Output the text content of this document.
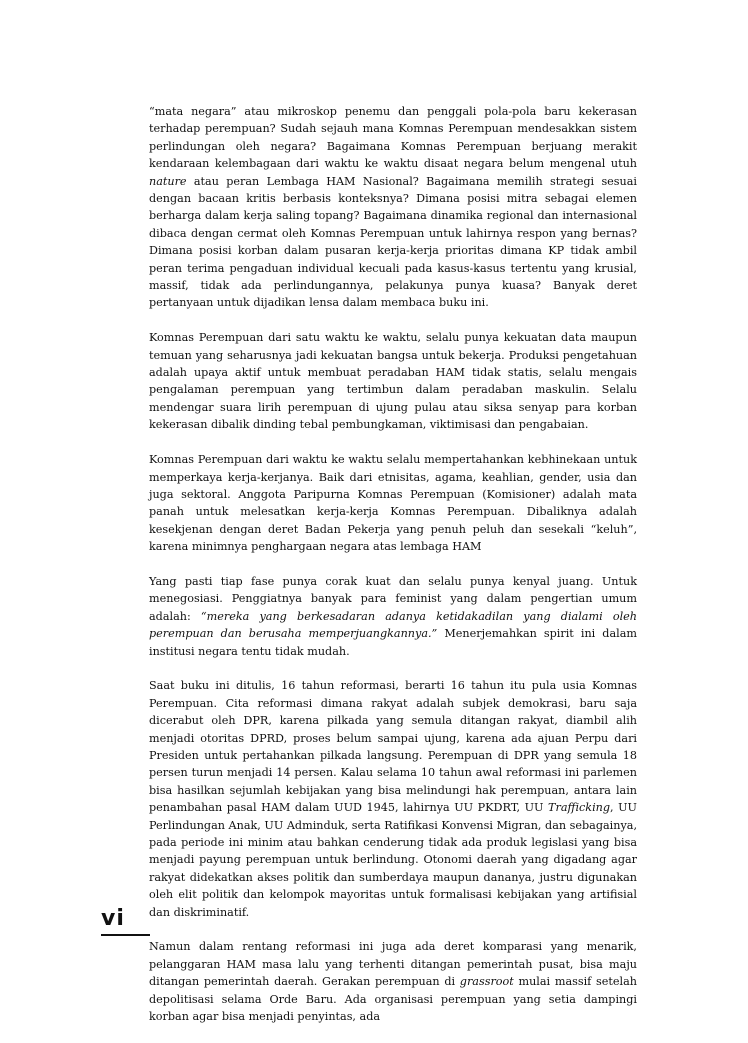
“mata negara” atau mikroskop penemu dan penggali pola-pola baru kekerasan terhadap perempuan? Sudah sejauh mana Komnas Perempuan mendesakkan sistem perlindungan oleh negara? Bagaimana Komnas Perempuan berjuang merakit kendaraan kelembagaan dari waktu ke waktu disaat negara belum mengenal utuh nature atau peran Lembaga HAM Nasional? Bagaimana memilih strategi sesuai dengan bacaan kritis berbasis konteksnya? Dimana posisi mitra sebagai elemen berharga dalam kerja saling topang? Bagaimana dinamika regional dan internasional dibaca dengan cermat oleh Komnas Perempuan untuk lahirnya respon yang bernas? Dimana posisi korban dalam pusaran kerja-kerja prioritas dimana KP tidak ambil peran terima pengaduan individual kecuali pada kasus-kasus tertentu yang krusial, massif, tidak ada perlindungannya, pelakunya punya kuasa? Banyak deret pertanyaan untuk dijadikan lensa dalam membaca buku ini.

Komnas Perempuan dari satu waktu ke waktu, selalu punya kekuatan data maupun temuan yang seharusnya jadi kekuatan bangsa untuk bekerja. Produksi pengetahuan adalah upaya aktif untuk membuat peradaban HAM tidak statis, selalu mengais pengalaman perempuan yang tertimbun dalam peradaban maskulin. Selalu mendengar suara lirih perempuan di ujung pulau atau siksa senyap para korban kekerasan dibalik dinding tebal pembungkaman, viktimisasi dan pengabaian.

Komnas Perempuan dari waktu ke waktu selalu mempertahankan kebhinekaan untuk memperkaya kerja-kerjanya. Baik dari etnisitas, agama, keahlian, gender, usia dan juga sektoral. Anggota Paripurna Komnas Perempuan (Komisioner) adalah mata panah untuk melesatkan kerja-kerja Komnas Perempuan. Dibaliknya adalah kesekjenan dengan deret Badan Pekerja yang penuh peluh dan sesekali “keluh”, karena minimnya penghargaan negara atas lembaga HAM

Yang pasti tiap fase punya corak kuat dan selalu punya kenyal juang. Untuk menegosiasi. Penggiatnya banyak para feminist yang dalam pengertian umum adalah: “mereka yang berkesadaran adanya ketidakadilan yang dialami oleh perempuan dan berusaha memperjuangkannya.” Menerjemahkan spirit ini dalam institusi negara tentu tidak mudah.

Saat buku ini ditulis, 16 tahun reformasi, berarti 16 tahun itu pula usia Komnas Perempuan. Cita reformasi dimana rakyat adalah subjek demokrasi, baru saja dicerabut oleh DPR, karena pilkada yang semula ditangan rakyat, diambil alih menjadi otoritas DPRD, proses belum sampai ujung, karena ada ajuan Perpu dari Presiden untuk pertahankan pilkada langsung. Perempuan di DPR yang semula 18 persen turun menjadi 14 persen. Kalau selama 10 tahun awal reformasi ini parlemen bisa hasilkan sejumlah kebijakan yang bisa melindungi hak perempuan, antara lain penambahan pasal HAM dalam UUD 1945, lahirnya UU PKDRT, UU Trafficking, UU Perlindungan Anak, UU Adminduk, serta Ratifikasi Konvensi Migran, dan sebagainya, pada periode ini minim atau bahkan cenderung tidak ada produk legislasi yang bisa menjadi payung perempuan untuk berlindung. Otonomi daerah yang digadang agar rakyat didekatkan akses politik dan sumberdaya maupun dananya, justru digunakan oleh elit politik dan kelompok mayoritas untuk formalisasi kebijakan yang artifisial dan diskriminatif.

Namun dalam rentang reformasi ini juga ada deret komparasi yang menarik, pelanggaran HAM masa lalu yang terhenti ditangan pemerintah pusat, bisa maju ditangan pemerintah daerah. Gerakan perempuan di grassroot mulai massif setelah depolitisasi selama Orde Baru. Ada organisasi perempuan yang setia dampingi korban agar bisa menjadi penyintas, ada

vi
